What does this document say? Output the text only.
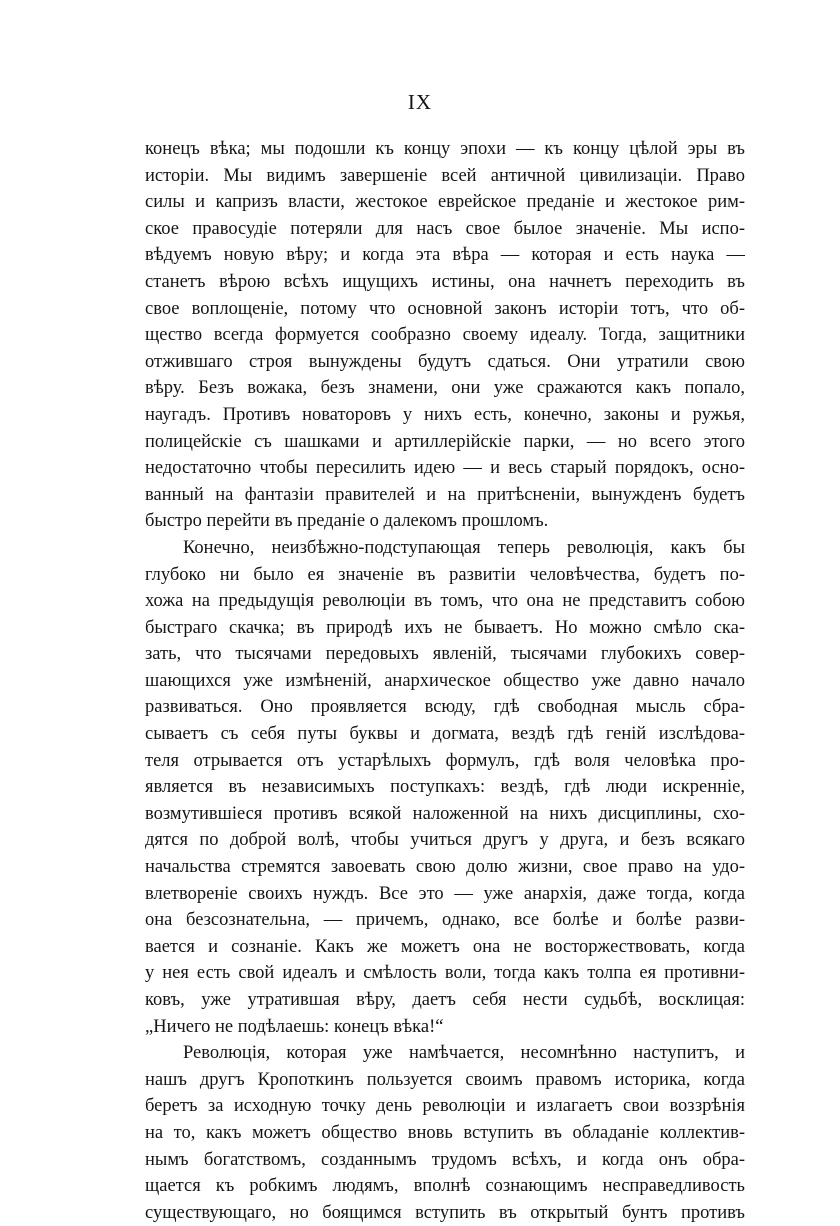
IX
конецъ вѣка; мы подошли къ концу эпохи — къ концу цѣлой эры въ
исторіи. Мы видимъ завершеніе всей античной цивилизаціи. Право
силы и капризъ власти, жестокое еврейское преданіе и жестокое рим-
ское правосудіе потеряли для насъ свое былое значеніе. Мы испо-
вѣдуемъ новую вѣру; и когда эта вѣра — которая и есть наука —
станетъ вѣрою всѣхъ ищущихъ истины, она начнетъ переходить въ
свое воплощеніе, потому что основной законъ исторіи тотъ, что об-
щество всегда формуется сообразно своему идеалу. Тогда, защитники
отжившаго строя вынуждены будутъ сдаться. Они утратили свою
вѣру. Безъ вожака, безъ знамени, они уже сражаются какъ попало,
наугадъ. Противъ новаторовъ у нихъ есть, конечно, законы и ружья,
полицейскіе съ шашками и артиллерійскіе парки, — но всего этого
недостаточно чтобы пересилить идею — и весь старый порядокъ, осно-
ванный на фантазіи правителей и на притѣсненіи, вынужденъ будетъ
быстро перейти въ преданіе о далекомъ прошломъ.
Конечно, неизбѣжно-подступающая теперь революція, какъ бы
глубоко ни было ея значеніе въ развитіи человѣчества, будетъ по-
хожа на предыдущія революціи въ томъ, что она не представитъ собою
быстраго скачка; въ природѣ ихъ не бываетъ. Но можно смѣло ска-
зать, что тысячами передовыхъ явленій, тысячами глубокихъ совер-
шающихся уже измѣненій, анархическое общество уже давно начало
развиваться. Оно проявляется всюду, гдѣ свободная мысль сбра-
сываетъ съ себя путы буквы и догмата, вездѣ гдѣ геній изслѣдова-
теля отрывается отъ устарѣлыхъ формулъ, гдѣ воля человѣка про-
является въ независимыхъ поступкахъ: вездѣ, гдѣ люди искренніе,
возмутившіеся противъ всякой наложенной на нихъ дисциплины, схо-
дятся по доброй волѣ, чтобы учиться другъ у друга, и безъ всякаго
начальства стремятся завоевать свою долю жизни, свое право на удо-
влетвореніе своихъ нуждъ. Все это — уже анархія, даже тогда, когда
она безсознательна, — причемъ, однако, все болѣе и болѣе разви-
вается и сознаніе. Какъ же можетъ она не восторжествовать, когда
у нея есть свой идеалъ и смѣлость воли, тогда какъ толпа ея противни-
ковъ, уже утратившая вѣру, даетъ себя нести судьбѣ, восклицая:
„Ничего не подѣлаешь: конецъ вѣка!“
Революція, которая уже намѣчается, несомнѣнно наступитъ, и
нашъ другъ Кропоткинъ пользуется своимъ правомъ историка, когда
беретъ за исходную точку день революціи и излагаетъ свои воззрѣнія
на то, какъ можетъ общество вновь вступить въ обладаніе коллектив-
нымъ богатствомъ, созданнымъ трудомъ всѣхъ, и когда онъ обра-
щается къ робкимъ людямъ, вполнѣ сознающимъ несправедливость
существующаго, но боящимся вступить въ открытый бунтъ противъ
